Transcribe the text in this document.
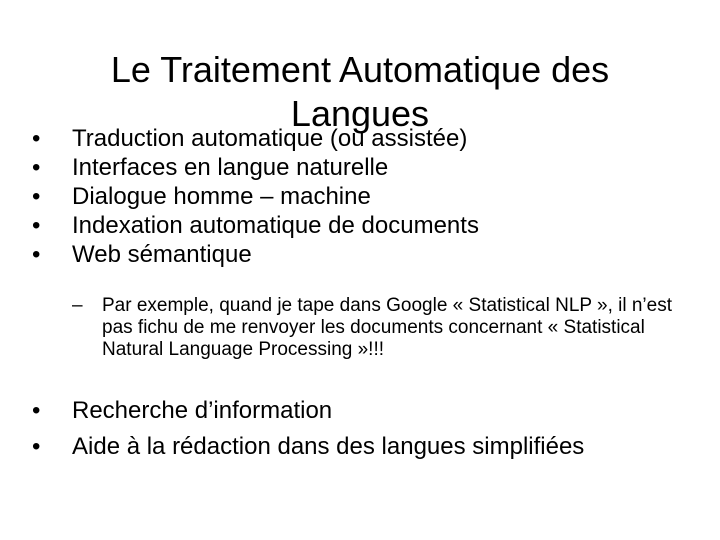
Le Traitement Automatique des
Langues
• Traduction automatique (ou assistée)
• Interfaces en langue naturelle
• Dialogue homme – machine
• Indexation automatique de documents
• Web sémantique
– Par exemple, quand je tape dans Google « Statistical NLP », il n’est pas fichu de me renvoyer les documents concernant « Statistical Natural Language Processing »!!!
• Recherche d’information
• Aide à la rédaction dans des langues simplifiées
